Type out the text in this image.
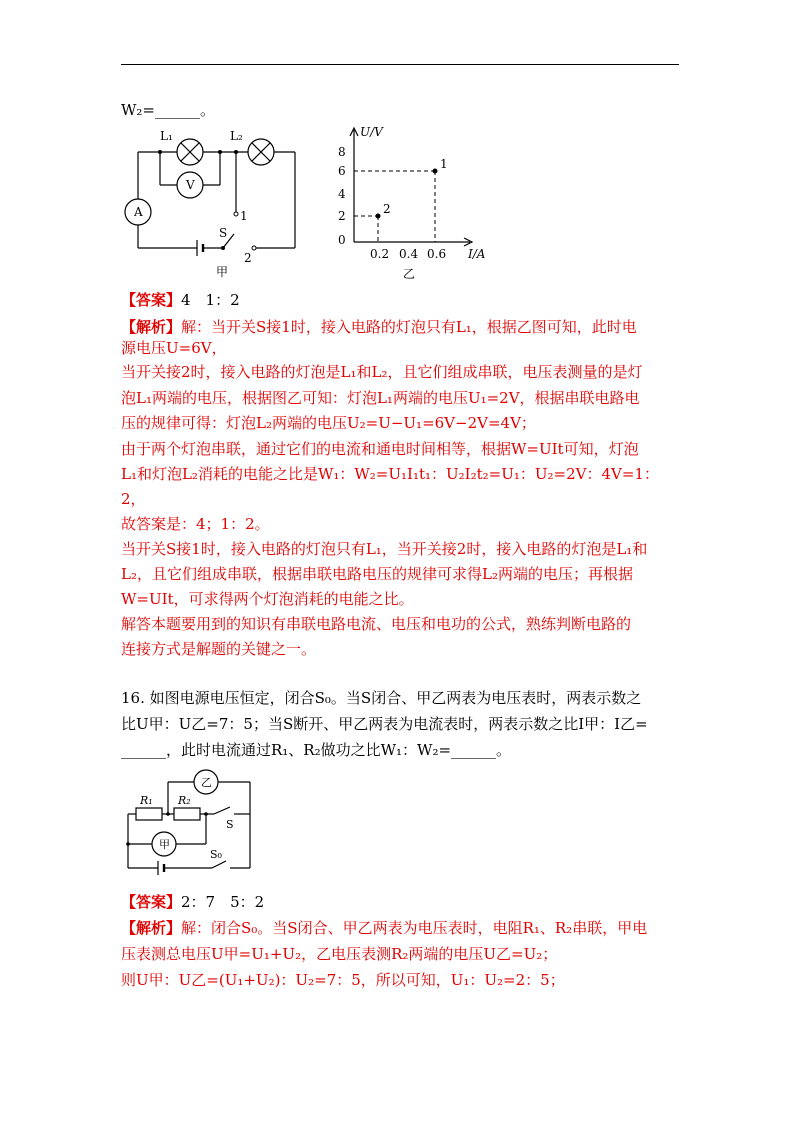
W₂=______。
L₁	L₂
V
A
S
1
2
甲
U/V
I/A
8
6
4
2
0
0.2 0.4 0.6
1
2
乙
【答案】4　1：2
【解析】解：当开关S接1时，接入电路的灯泡只有L₁，根据乙图可知，此时电
源电压U=6V，
当开关接2时，接入电路的灯泡是L₁和L₂，且它们组成串联，电压表测量的是灯
泡L₁两端的电压，根据图乙可知：灯泡L₁两端的电压U₁=2V，根据串联电路电
压的规律可得：灯泡L₂两端的电压U₂=U−U₁=6V−2V=4V；
由于两个灯泡串联，通过它们的电流和通电时间相等，根据W=UIt可知，灯泡
L₁和灯泡L₂消耗的电能之比是W₁：W₂=U₁I₁t₁：U₂I₂t₂=U₁：U₂=2V：4V=1：
2，
故答案是：4；1：2。
当开关S接1时，接入电路的灯泡只有L₁，当开关接2时，接入电路的灯泡是L₁和
L₂，且它们组成串联，根据串联电路电压的规律可求得L₂两端的电压；再根据
W=UIt，可求得两个灯泡消耗的电能之比。
解答本题要用到的知识有串联电路电流、电压和电功的公式，熟练判断电路的
连接方式是解题的关键之一。
16. 如图电源电压恒定，闭合S₀。当S闭合、甲乙两表为电压表时，两表示数之
比U甲：U乙=7：5；当S断开、甲乙两表为电流表时，两表示数之比I甲：I乙=
______，此时电流通过R₁、R₂做功之比W₁：W₂=______。
乙
R₁ R₂
S
甲
S₀
【答案】2：7　5：2
【解析】解：闭合S₀。当S闭合、甲乙两表为电压表时，电阻R₁、R₂串联，甲电
压表测总电压U甲=U₁+U₂，乙电压表测R₂两端的电压U乙=U₂；
则U甲：U乙=(U₁+U₂)：U₂=7：5，所以可知，U₁：U₂=2：5；
